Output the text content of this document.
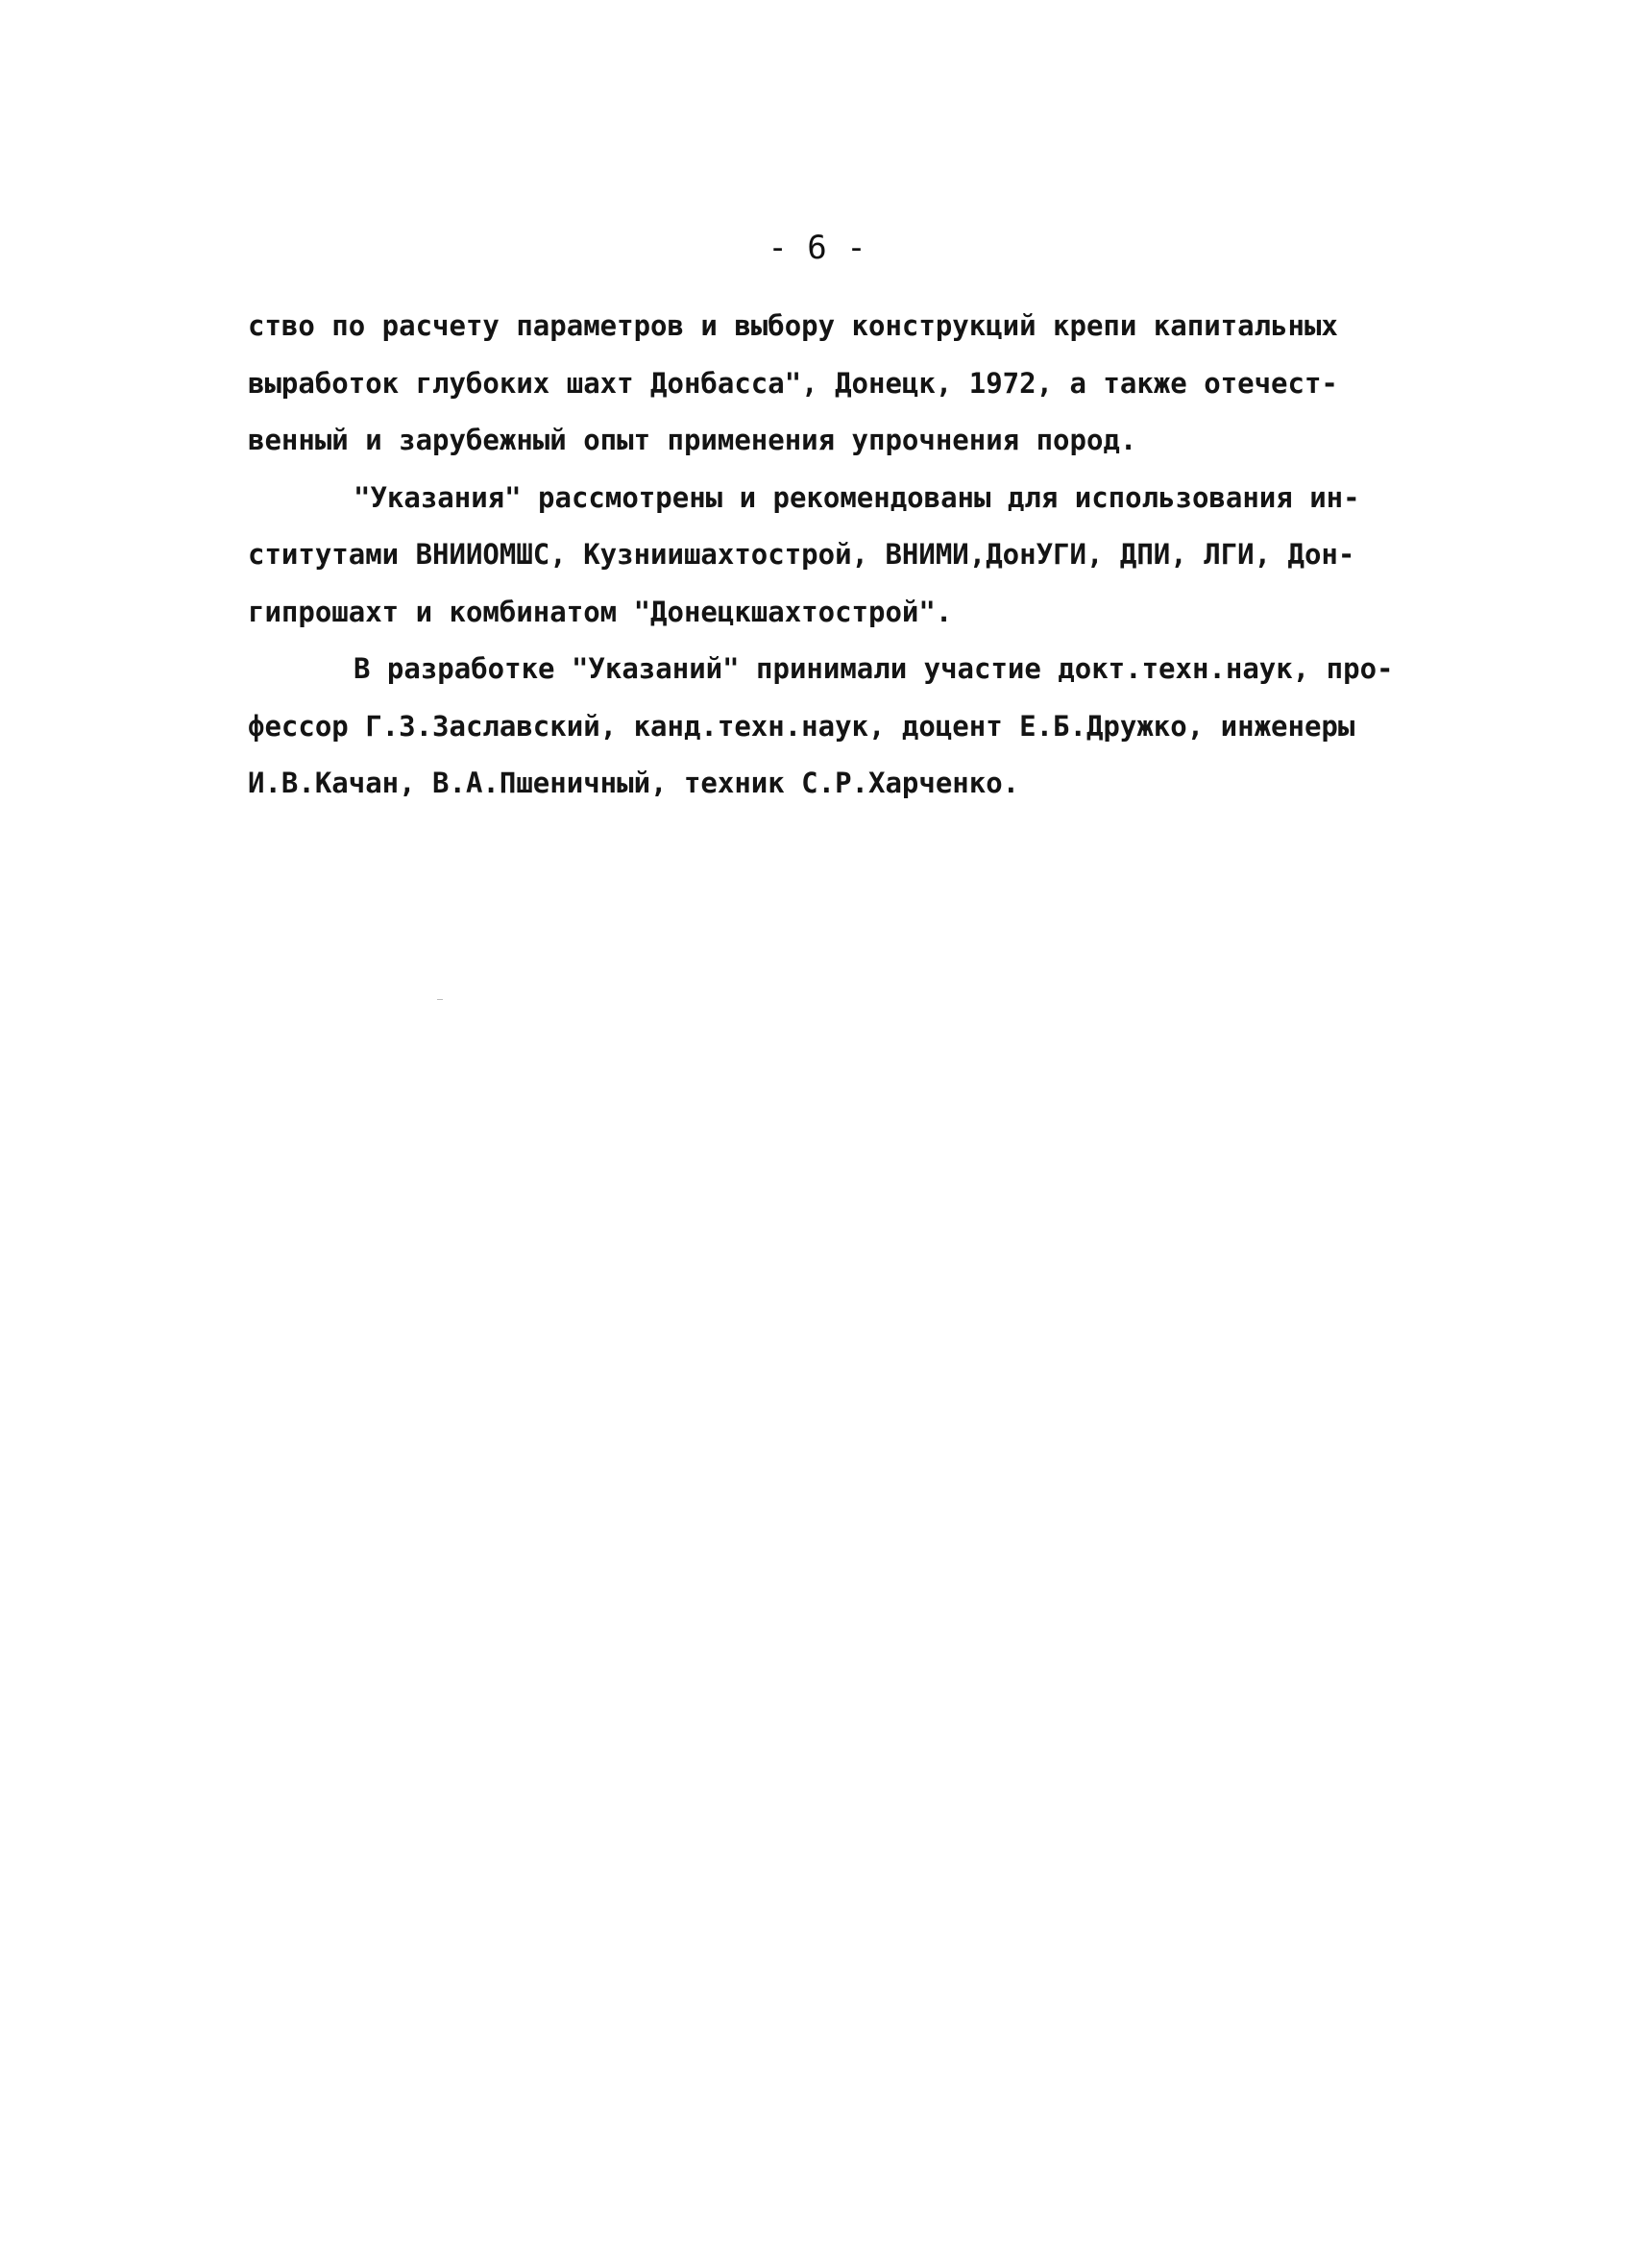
- 6 -
ство по расчету параметров и выбору конструкций крепи капитальных
выработок глубоких шахт Донбасса", Донецк, 1972, а также отечест-
венный и зарубежный опыт применения упрочнения пород.
"Указания" рассмотрены и рекомендованы для использования ин-
ститутами ВНИИОМШС, Кузниишахтострой, ВНИМИ,ДонУГИ, ДПИ, ЛГИ, Дон-
гипрошахт и комбинатом "Донецкшахтострой".
В разработке "Указаний" принимали участие докт.техн.наук, про-
фессор Г.З.Заславский, канд.техн.наук, доцент Е.Б.Дружко, инженеры
И.В.Качан, В.А.Пшеничный, техник С.Р.Харченко.
